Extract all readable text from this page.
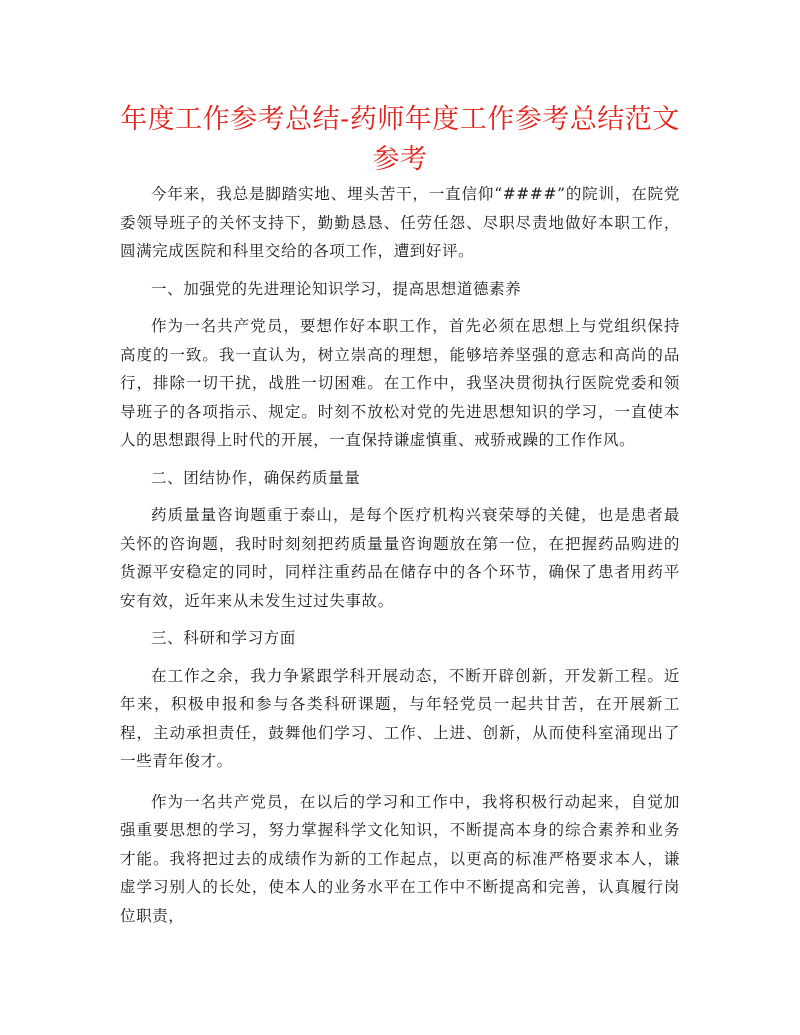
年度工作参考总结-药师年度工作参考总结范文参考

今年来，我总是脚踏实地、埋头苦干，一直信仰“####”的院训，在院党委领导班子的关怀支持下，勤勤恳恳、任劳任怨、尽职尽责地做好本职工作，圆满完成医院和科里交给的各项工作，遭到好评。

一、加强党的先进理论知识学习，提高思想道德素养

作为一名共产党员，要想作好本职工作，首先必须在思想上与党组织保持高度的一致。我一直认为，树立崇高的理想，能够培养坚强的意志和高尚的品行，排除一切干扰，战胜一切困难。在工作中，我坚决贯彻执行医院党委和领导班子的各项指示、规定。时刻不放松对党的先进思想知识的学习，一直使本人的思想跟得上时代的开展，一直保持谦虚慎重、戒骄戒躁的工作作风。

二、团结协作，确保药质量量

药质量量咨询题重于泰山，是每个医疗机构兴衰荣辱的关健，也是患者最关怀的咨询题，我时时刻刻把药质量量咨询题放在第一位，在把握药品购进的货源平安稳定的同时，同样注重药品在储存中的各个环节，确保了患者用药平安有效，近年来从未发生过过失事故。

三、科研和学习方面

在工作之余，我力争紧跟学科开展动态，不断开辟创新，开发新工程。近年来，积极申报和参与各类科研课题，与年轻党员一起共甘苦，在开展新工程，主动承担责任，鼓舞他们学习、工作、上进、创新，从而使科室涌现出了一些青年俊才。

作为一名共产党员，在以后的学习和工作中，我将积极行动起来，自觉加强重要思想的学习，努力掌握科学文化知识，不断提高本身的综合素养和业务才能。我将把过去的成绩作为新的工作起点，以更高的标准严格要求本人，谦虚学习别人的长处，使本人的业务水平在工作中不断提高和完善，认真履行岗位职责，
